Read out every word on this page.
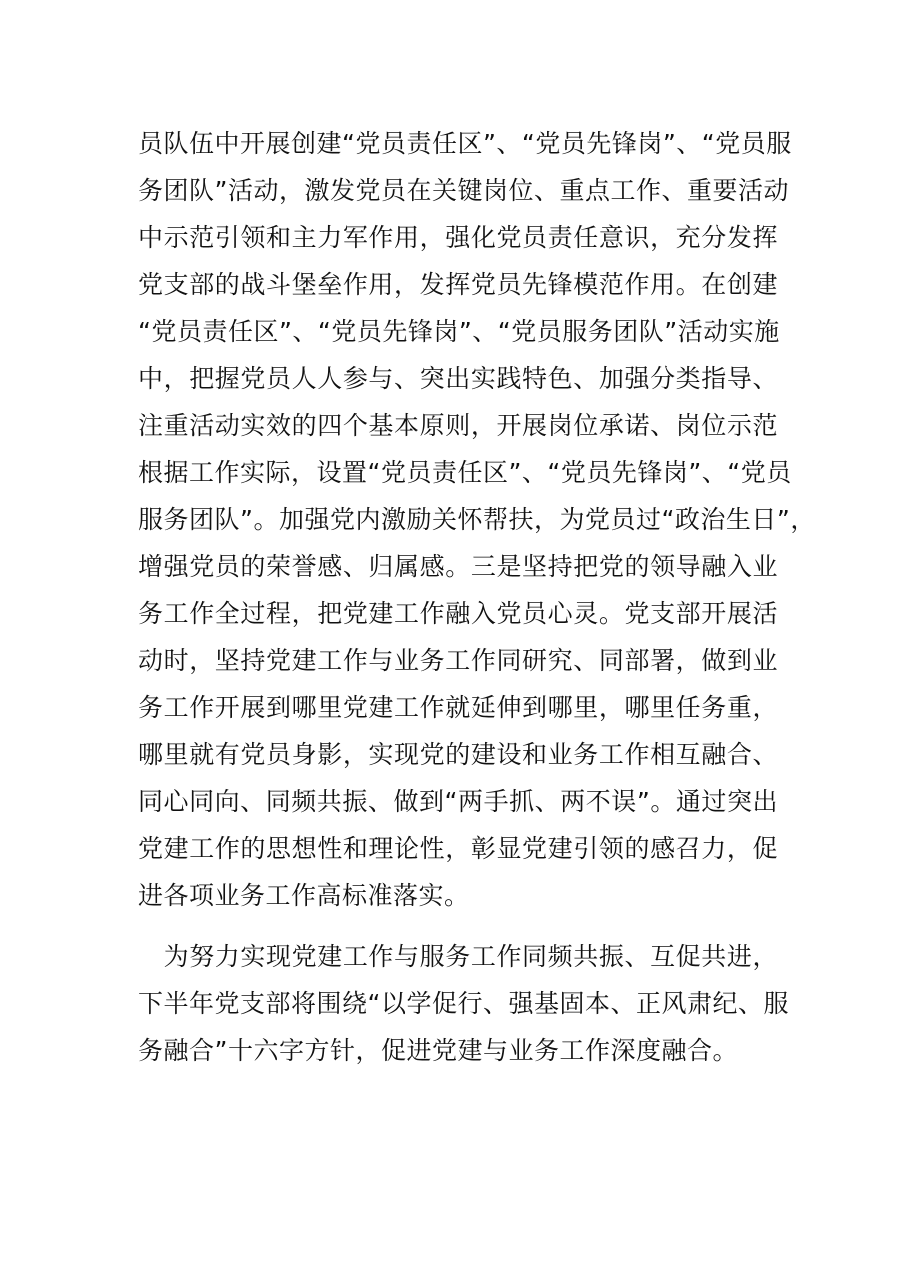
员队伍中开展创建“党员责任区”、“党员先锋岗”、“党员服
务团队”活动，激发党员在关键岗位、重点工作、重要活动
中示范引领和主力军作用，强化党员责任意识，充分发挥
党支部的战斗堡垒作用，发挥党员先锋模范作用。在创建
“党员责任区”、“党员先锋岗”、“党员服务团队”活动实施
中，把握党员人人参与、突出实践特色、加强分类指导、
注重活动实效的四个基本原则，开展岗位承诺、岗位示范
根据工作实际，设置“党员责任区”、“党员先锋岗”、“党员
服务团队”。加强党内激励关怀帮扶，为党员过“政治生日”，
增强党员的荣誉感、归属感。三是坚持把党的领导融入业
务工作全过程，把党建工作融入党员心灵。党支部开展活
动时，坚持党建工作与业务工作同研究、同部署，做到业
务工作开展到哪里党建工作就延伸到哪里，哪里任务重，
哪里就有党员身影，实现党的建设和业务工作相互融合、
同心同向、同频共振、做到“两手抓、两不误”。通过突出
党建工作的思想性和理论性，彰显党建引领的感召力，促
进各项业务工作高标准落实。
　为努力实现党建工作与服务工作同频共振、互促共进，
下半年党支部将围绕“以学促行、强基固本、正风肃纪、服
务融合”十六字方针，促进党建与业务工作深度融合。
